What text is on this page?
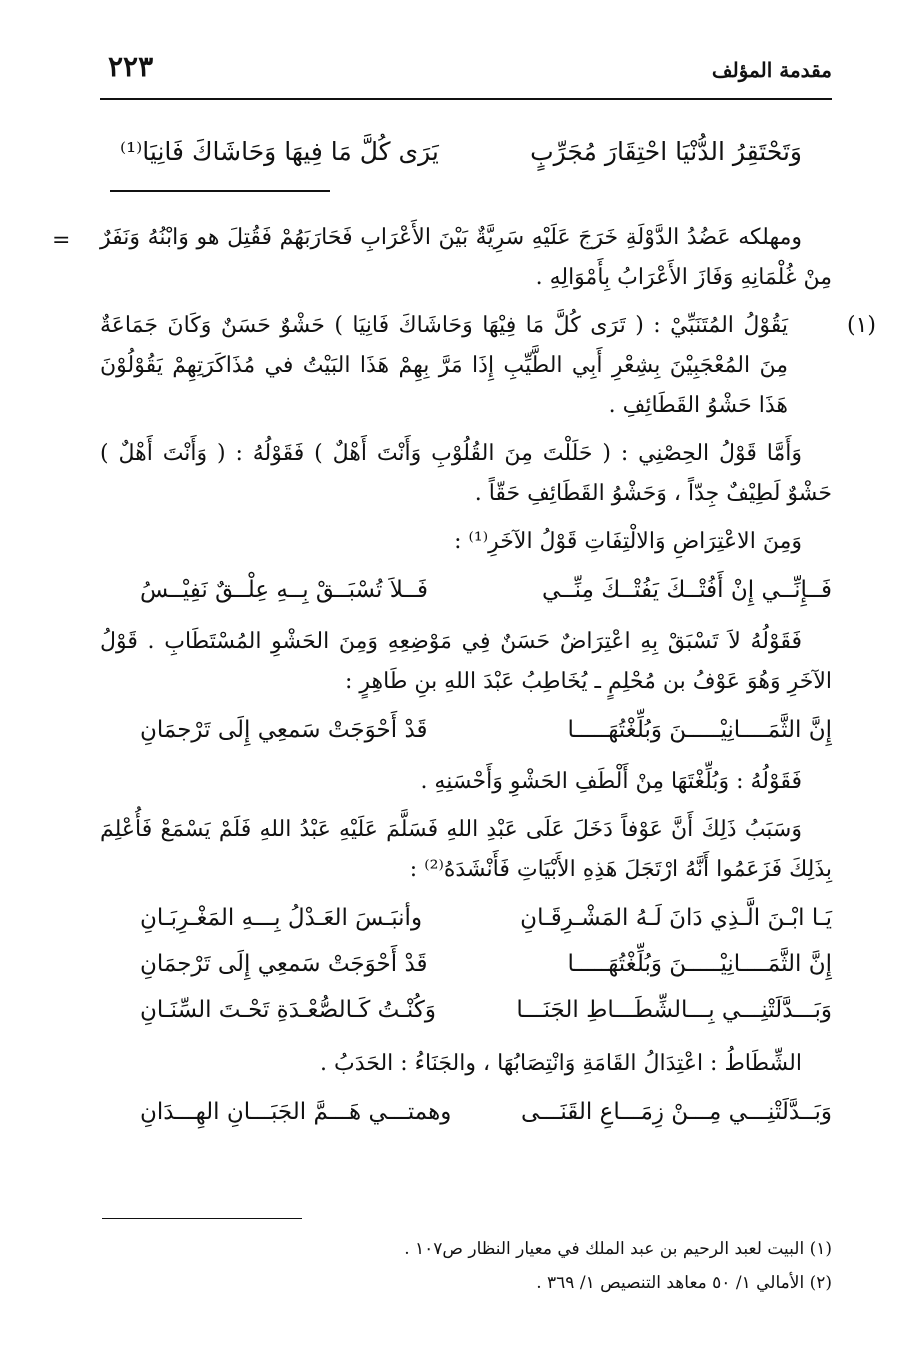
مقدمة المؤلف
٢٢٣
وَتَحْتَقِرُ الدُّنْيَا احْتِقَارَ مُجَرِّبٍ
يَرَى كُلَّ مَا فِيهَا وَحَاشَاكَ فَانِيَا⁽¹⁾
= ومهلكه عَضُدُ الدَّوْلَةِ خَرَجَ عَلَيْهِ سَرِيَّةٌ بَيْنَ الأَعْرَابِ فَحَارَبَهُمْ فَقُتِلَ هو وَابْنُهُ وَنَفَرٌ مِنْ غُلْمَانِهِ وَفَازَ الأَعْرَابُ بِأَمْوَالِهِ .

(١)يَقُوْلُ المُتَنَبِّيْ : ( تَرَى كُلَّ مَا فِيْهَا وَحَاشَاكَ فَانِيَا ) حَشْوٌ حَسَنٌ وَكَانَ جَمَاعَةٌ مِنَ المُعْجَبِيْنَ بِشِعْرِ أَبِي الطَّيِّبِ إِذَا مَرَّ بِهِمْ هَذَا البَيْتُ في مُذَاكَرَتِهِمْ يَقُوْلُوْنَ هَذَا حَشْوُ القَطَائِفِ .

وَأَمَّا قَوْلُ الحِصْنِي : ( حَلَلْتَ مِنَ القُلُوْبِ وَأَنْتَ أَهْلٌ ) فَقَوْلُهُ : ( وَأَنْتَ أَهْلٌ ) حَشْوٌ لَطِيْفٌ جِدّاً ، وَحَشْوُ القَطَائِفِ حَقّاً .

وَمِنَ الاعْتِرَاضِ وَالالْتِفَاتِ قَوْلُ الآخَرِ⁽¹⁾ :

فَــإِنِّــي إِنْ أَفُتْــكَ يَفُتْــكَ مِنِّــي
فَــلاَ تُسْبَــقْ بِــهِ عِلْــقٌ نَفِيْــسُ

فَقَوْلُهُ لاَ تَسْبَقْ بِهِ اعْتِرَاضٌ حَسَنٌ فِي مَوْضِعِهِ وَمِنَ الحَشْوِ المُسْتَطَابِ . قَوْلُ الآخَرِ وَهُوَ عَوْفُ بن مُحْلِمٍ ـ يُخَاطِبُ عَبْدَ اللهِ بنِ طَاهِرٍ :

إِنَّ الثَّمَــــانِيْـــــنَ وَبُلِّغْتُهَـــــا
قَدْ أَحْوَجَتْ سَمعِي إِلَى تَرْجمَانِ

فَقَوْلُهُ : وَبُلِّغْتَهَا مِنْ أَلْطَفِ الحَشْوِ وَأَحْسَنِهِ .

وَسَبَبُ ذَلِكَ أَنَّ عَوْفاً دَخَلَ عَلَى عَبْدِ اللهِ فَسَلَّمَ عَلَيْهِ عَبْدُ اللهِ فَلَمْ يَسْمَعْ فَأُعْلِمَ بِذَلِكَ فَزَعَمُوا أَنَّهُ ارْتَجَلَ هَذِهِ الأَبْيَاتِ فَأَنْشَدَهُ⁽²⁾ :

يَـا ابْـنَ الَّـذِي دَانَ لَـهُ المَشْـرِقَـانِ
وأنبَـسَ العَـدْلُ بِـــهِ المَغْـرِبَـانِ
إِنَّ الثَّمَــــانِيْـــــنَ وَبُلِّغْتُهَـــــا
قَدْ أَحْوَجَتْ سَمعِي إِلَى تَرْجمَانِ
وَبَـــدَّلَتْنِـــي بِـــالشِّطَـــاطِ الجَنَـــا
وَكُنْـتُ كَـالصُّعْـدَةِ تَحْـتَ السِّنَـانِ

الشِّطَاطُ : اعْتِدَالُ القَامَةِ وَانْتِصَابُهَا ، والجَنَاءُ : الحَدَبُ .

وَبَــدَّلَتْنِـــي مِـــنْ زِمَـــاعِ القَنَـــى
وهمتـــي هَـــمَّ الجَبَـــانِ الهِـــدَانِ

(١) البيت لعبد الرحيم بن عبد الملك في معيار النظار ص١٠٧ .

(٢) الأمالي ١/ ٥٠ معاهد التنصيص ١/ ٣٦٩ .
